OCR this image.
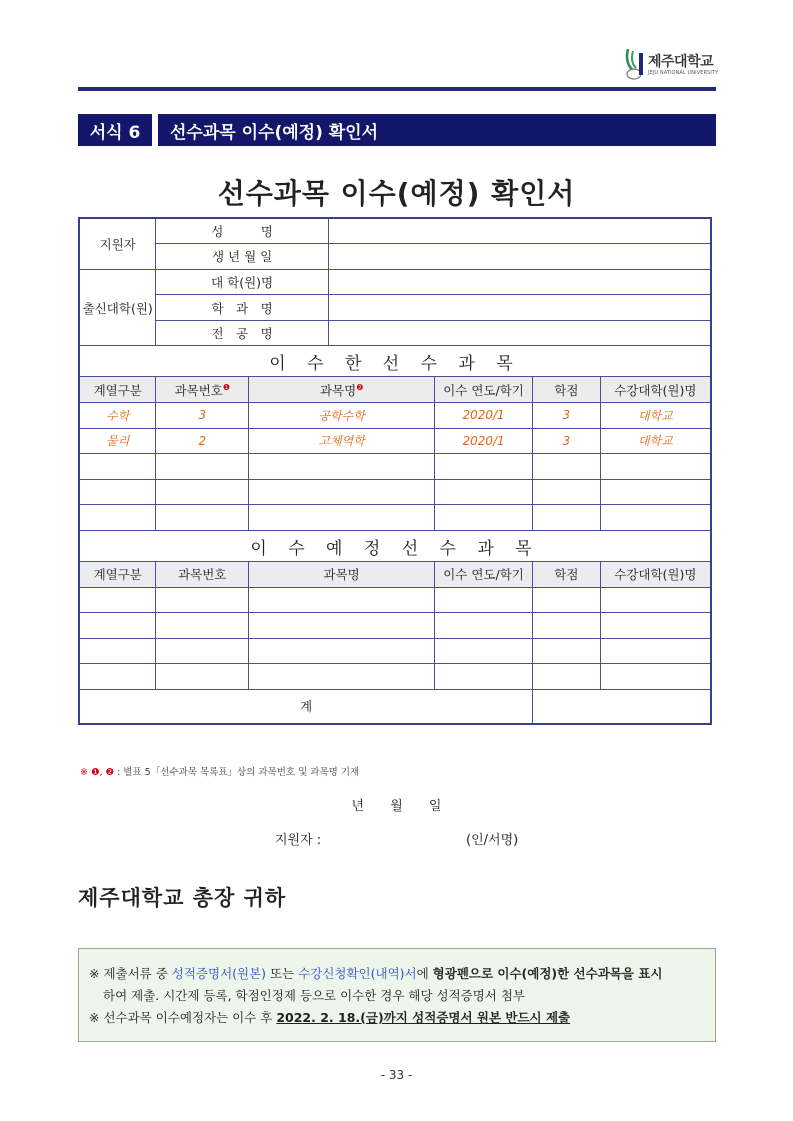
제주대학교
JEJU NATIONAL UNIVERSITY
서식 6	선수과목 이수(예정) 확인서
선수과목 이수(예정) 확인서
지원자	성　　　명					
	생 년 월 일					
출신대학(원)	대 학(원)명					
	학　과　명					
	전　공　명					
이 수 한 선 수 과 목						
계열구분	과목번호$^❶$	과목명$^❷$		이수 연도/학기	학점	수강대학(원)명
수학	3	공학수학		2020/1	3	대학교
물리	2	고체역학		2020/1	3	대학교

이 수 예 정 선 수 과 목						
계열구분	과목번호	과목명		이수 연도/학기	학점	수강대학(원)명

계						
※ ❶, ❷ : 별표 5「선수과목 목록표」상의 과목번호 및 과목명 기재
년 월 일
지원자 :	(인/서명)
제주대학교 총장 귀하
※ 제출서류 중 성적증명서(원본) 또는 수강신청확인(내역)서에 형광펜으로 이수(예정)한 선수과목을 표시
하여 제출. 시간제 등록, 학점인정제 등으로 이수한 경우 해당 성적증명서 첨부
※ 선수과목 이수예정자는 이수 후 2022. 2. 18.(금)까지 성적증명서 원본 반드시 제출
- 33 -
